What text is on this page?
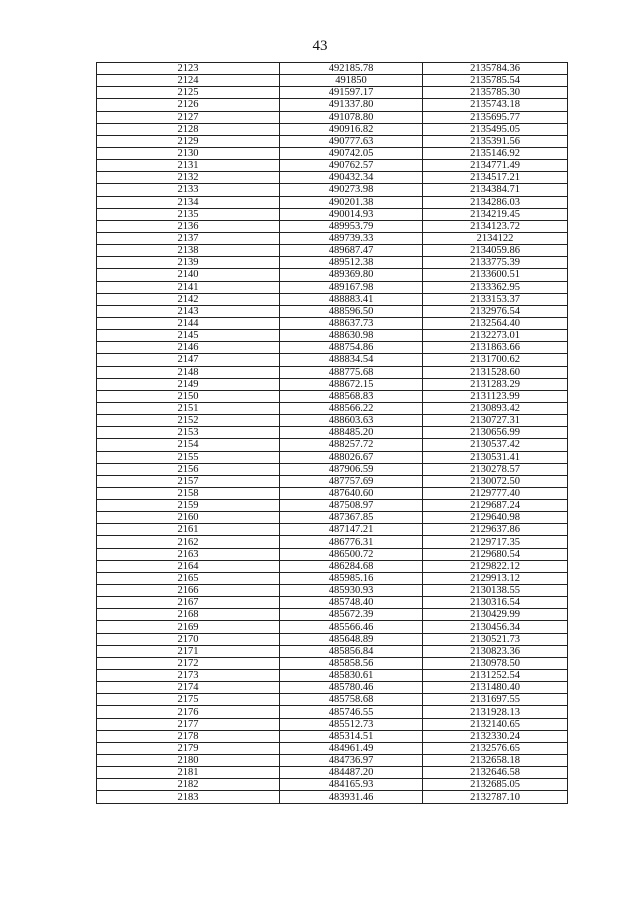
43
2123	492185.78	2135784.36
2124	491850	2135785.54
2125	491597.17	2135785.30
2126	491337.80	2135743.18
2127	491078.80	2135695.77
2128	490916.82	2135495.05
2129	490777.63	2135391.56
2130	490742.05	2135146.92
2131	490762.57	2134771.49
2132	490432.34	2134517.21
2133	490273.98	2134384.71
2134	490201.38	2134286.03
2135	490014.93	2134219.45
2136	489953.79	2134123.72
2137	489739.33	2134122
2138	489687.47	2134059.86
2139	489512.38	2133775.39
2140	489369.80	2133600.51
2141	489167.98	2133362.95
2142	488883.41	2133153.37
2143	488596.50	2132976.54
2144	488637.73	2132564.40
2145	488630.98	2132273.01
2146	488754.86	2131863.66
2147	488834.54	2131700.62
2148	488775.68	2131528.60
2149	488672.15	2131283.29
2150	488568.83	2131123.99
2151	488566.22	2130893.42
2152	488603.63	2130727.31
2153	488485.20	2130656.99
2154	488257.72	2130537.42
2155	488026.67	2130531.41
2156	487906.59	2130278.57
2157	487757.69	2130072.50
2158	487640.60	2129777.40
2159	487508.97	2129687.24
2160	487367.85	2129640.98
2161	487147.21	2129637.86
2162	486776.31	2129717.35
2163	486500.72	2129680.54
2164	486284.68	2129822.12
2165	485985.16	2129913.12
2166	485930.93	2130138.55
2167	485748.40	2130316.54
2168	485672.39	2130429.99
2169	485566.46	2130456.34
2170	485648.89	2130521.73
2171	485856.84	2130823.36
2172	485858.56	2130978.50
2173	485830.61	2131252.54
2174	485780.46	2131480.40
2175	485758.68	2131697.55
2176	485746.55	2131928.13
2177	485512.73	2132140.65
2178	485314.51	2132330.24
2179	484961.49	2132576.65
2180	484736.97	2132658.18
2181	484487.20	2132646.58
2182	484165.93	2132685.05
2183	483931.46	2132787.10
